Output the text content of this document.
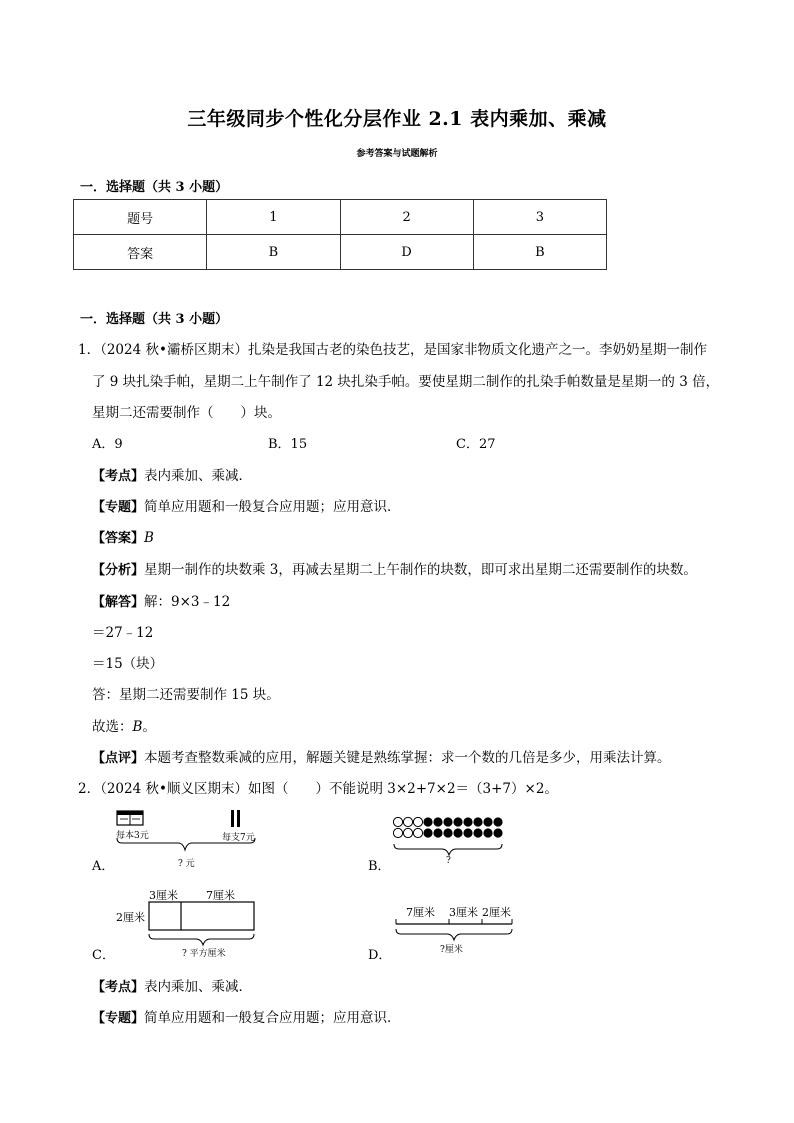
三年级同步个性化分层作业 2.1 表内乘加、乘减
参考答案与试题解析
一．选择题（共 3 小题）
题号	1	2	3
答案	B	D	B
一．选择题（共 3 小题）
1．（2024 秋•灞桥区期末）扎染是我国古老的染色技艺，是国家非物质文化遗产之一。李奶奶星期一制作
了 9 块扎染手帕，星期二上午制作了 12 块扎染手帕。要使星期二制作的扎染手帕数量是星期一的 3 倍，
星期二还需要制作（　　）块。
A．9	B．15	C．27
【考点】表内乘加、乘减．
【专题】简单应用题和一般复合应用题；应用意识．
【答案】B
【分析】星期一制作的块数乘 3，再减去星期二上午制作的块数，即可求出星期二还需要制作的块数。
【解答】解：9×3﹣12
＝27﹣12
＝15（块）
答：星期二还需要制作 15 块。
故选：B。
【点评】本题考查整数乘减的应用，解题关键是熟练掌握：求一个数的几倍是多少，用乘法计算。
2．（2024 秋•顺义区期末）如图（　　）不能说明 3×2+7×2＝（3+7）×2。
每本3元	每支7元
? 元
A．	?
B．
3厘米	7厘米
2厘米
? 平方厘米
C．
7厘米 3厘米 2厘米
?厘米
D．
【考点】表内乘加、乘减．
【专题】简单应用题和一般复合应用题；应用意识．
